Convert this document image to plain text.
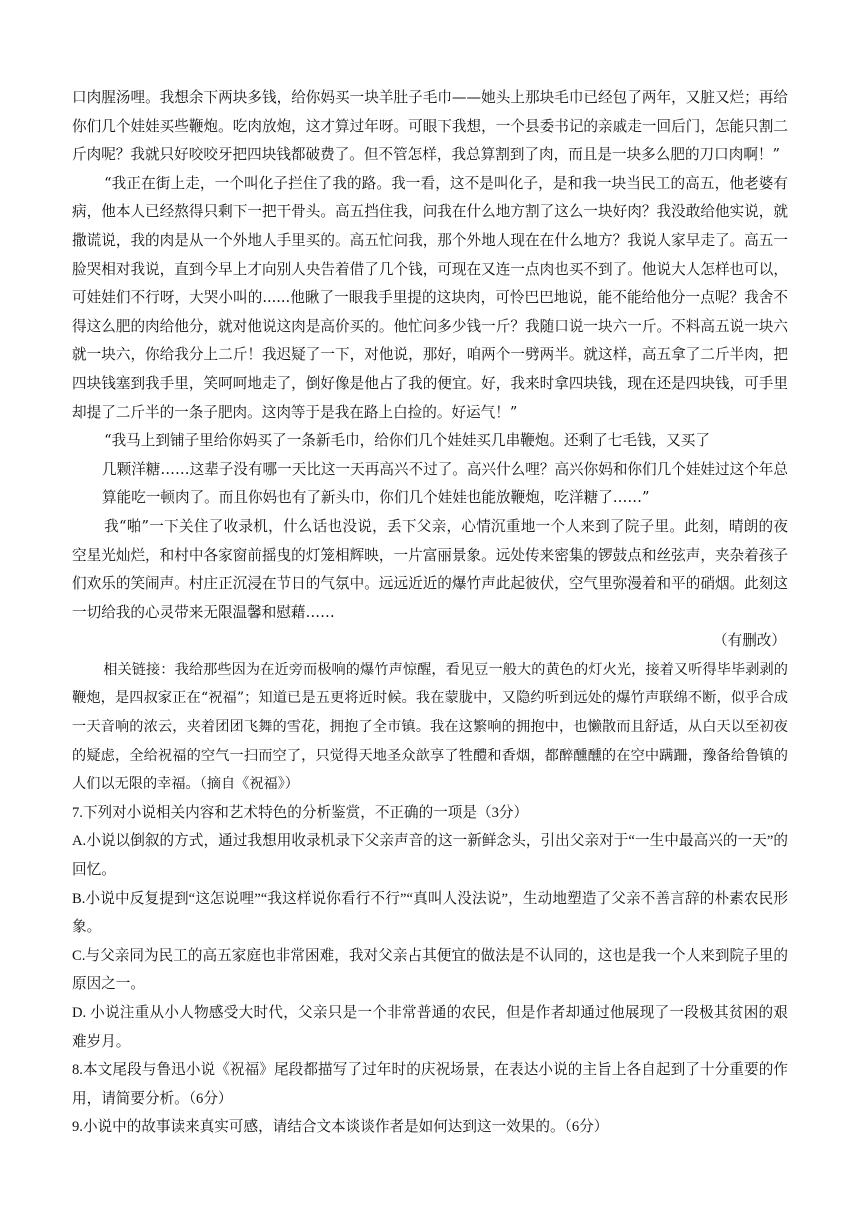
口肉腥汤哩。我想余下两块多钱，给你妈买一块羊肚子毛巾——她头上那块毛巾已经包了两年，又脏又烂；再给你们几个娃娃买些鞭炮。吃肉放炮，这才算过年呀。可眼下我想，一个县委书记的亲戚走一回后门，怎能只割二斤肉呢？我就只好咬咬牙把四块钱都破费了。但不管怎样，我总算割到了肉，而且是一块多么肥的刀口肉啊！”

“我正在街上走，一个叫化子拦住了我的路。我一看，这不是叫化子，是和我一块当民工的高五，他老婆有病，他本人已经熬得只剩下一把干骨头。高五挡住我，问我在什么地方割了这么一块好肉？我没敢给他实说，就撒谎说，我的肉是从一个外地人手里买的。高五忙问我，那个外地人现在在什么地方？我说人家早走了。高五一脸哭相对我说，直到今早上才向别人央告着借了几个钱，可现在又连一点肉也买不到了。他说大人怎样也可以，可娃娃们不行呀，大哭小叫的......他瞅了一眼我手里提的这块肉，可怜巴巴地说，能不能给他分一点呢？我舍不得这么肥的肉给他分，就对他说这肉是高价买的。他忙问多少钱一斤？我随口说一块六一斤。不料高五说一块六就一块六，你给我分上二斤！我迟疑了一下，对他说，那好，咱两个一劈两半。就这样，高五拿了二斤半肉，把四块钱塞到我手里，笑呵呵地走了，倒好像是他占了我的便宜。好，我来时拿四块钱，现在还是四块钱，可手里却提了二斤半的一条子肥肉。这肉等于是我在路上白捡的。好运气！”

“我马上到铺子里给你妈买了一条新毛巾，给你们几个娃娃买几串鞭炮。还剩了七毛钱，又买了

几颗洋糖……这辈子没有哪一天比这一天再高兴不过了。高兴什么哩？高兴你妈和你们几个娃娃过这个年总算能吃一顿肉了。而且你妈也有了新头巾，你们几个娃娃也能放鞭炮，吃洋糖了……”

我“啪”一下关住了收录机，什么话也没说，丢下父亲，心情沉重地一个人来到了院子里。此刻，晴朗的夜空星光灿烂，和村中各家窗前摇曳的灯笼相辉映，一片富丽景象。远处传来密集的锣鼓点和丝弦声，夹杂着孩子们欢乐的笑闹声。村庄正沉浸在节日的气氛中。远远近近的爆竹声此起彼伏，空气里弥漫着和平的硝烟。此刻这一切给我的心灵带来无限温馨和慰藉……

（有删改）

相关链接：我给那些因为在近旁而极响的爆竹声惊醒，看见豆一般大的黄色的灯火光，接着又听得毕毕剥剥的鞭炮，是四叔家正在“祝福”；知道已是五更将近时候。我在蒙胧中，又隐约听到远处的爆竹声联绵不断，似乎合成一天音响的浓云，夹着团团飞舞的雪花，拥抱了全市镇。我在这繁响的拥抱中，也懒散而且舒适，从白天以至初夜的疑虑，全给祝福的空气一扫而空了，只觉得天地圣众歆享了牲醴和香烟，都醉醺醺的在空中蹒跚，豫备给鲁镇的人们以无限的幸福。（摘自《祝福》）

7.下列对小说相关内容和艺术特色的分析鉴赏，不正确的一项是（3分）

A.小说以倒叙的方式，通过我想用收录机录下父亲声音的这一新鲜念头，引出父亲对于“一生中最高兴的一天”的回忆。

B.小说中反复提到“这怎说哩”“我这样说你看行不行”“真叫人没法说”，生动地塑造了父亲不善言辞的朴素农民形象。

C.与父亲同为民工的高五家庭也非常困难，我对父亲占其便宜的做法是不认同的，这也是我一个人来到院子里的原因之一。

D. 小说注重从小人物感受大时代，父亲只是一个非常普通的农民，但是作者却通过他展现了一段极其贫困的艰难岁月。

8.本文尾段与鲁迅小说《祝福》尾段都描写了过年时的庆祝场景，在表达小说的主旨上各自起到了十分重要的作用，请简要分析。（6分）

9.小说中的故事读来真实可感，请结合文本谈谈作者是如何达到这一效果的。（6分）
